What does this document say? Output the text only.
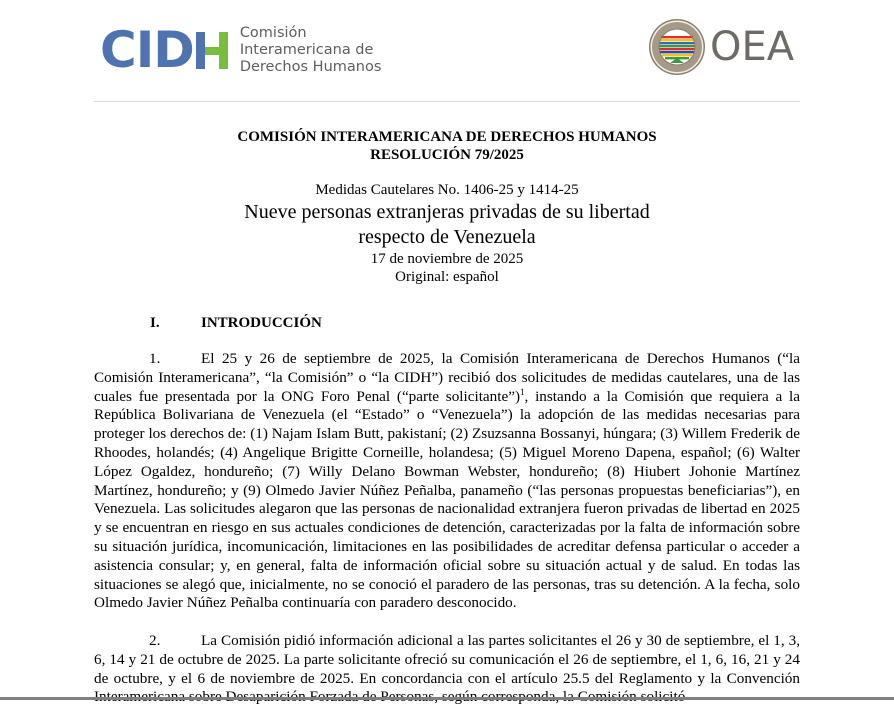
CID	Comisión
Interamericana de
Derechos Humanos	OEA
COMISIÓN INTERAMERICANA DE DERECHOS HUMANOS
RESOLUCIÓN 79/2025
Medidas Cautelares No. 1406-25 y 1414-25
Nueve personas extranjeras privadas de su libertad
respecto de Venezuela
17 de noviembre de 2025
Original: español
I.	INTRODUCCIÓN
1.	El 25 y 26 de septiembre de 2025, la Comisión Interamericana de Derechos Humanos (“la Comisión Interamericana”, “la Comisión” o “la CIDH”) recibió dos solicitudes de medidas cautelares, una de las cuales fue presentada por la ONG Foro Penal (“parte solicitante”)$^1$, instando a la Comisión que requiera a la República Bolivariana de Venezuela (el “Estado” o “Venezuela”) la adopción de las medidas necesarias para proteger los derechos de: (1) Najam Islam Butt, pakistaní; (2) Zsuzsanna Bossanyi, húngara; (3) Willem Frederik de Rhoodes, holandés; (4) Angelique Brigitte Corneille, holandesa; (5) Miguel Moreno Dapena, español; (6) Walter López Ogaldez, hondureño; (7) Willy Delano Bowman Webster, hondureño; (8) Hiubert Johonie Martínez Martínez, hondureño; y (9) Olmedo Javier Núñez Peñalba, panameño (“las personas propuestas beneficiarias”), en Venezuela. Las solicitudes alegaron que las personas de nacionalidad extranjera fueron privadas de libertad en 2025 y se encuentran en riesgo en sus actuales condiciones de detención, caracterizadas por la falta de información sobre su situación jurídica, incomunicación, limitaciones en las posibilidades de acreditar defensa particular o acceder a asistencia consular; y, en general, falta de información oficial sobre su situación actual y de salud. En todas las situaciones se alegó que, inicialmente, no se conoció el paradero de las personas, tras su detención. A la fecha, solo Olmedo Javier Núñez Peñalba continuaría con paradero desconocido.
2.	La Comisión pidió información adicional a las partes solicitantes el 26 y 30 de septiembre, el 1, 3, 6, 14 y 21 de octubre de 2025. La parte solicitante ofreció su comunicación el 26 de septiembre, el 1, 6, 16, 21 y 24 de octubre, y el 6 de noviembre de 2025. En concordancia con el artículo 25.5 del Reglamento y la Convención
